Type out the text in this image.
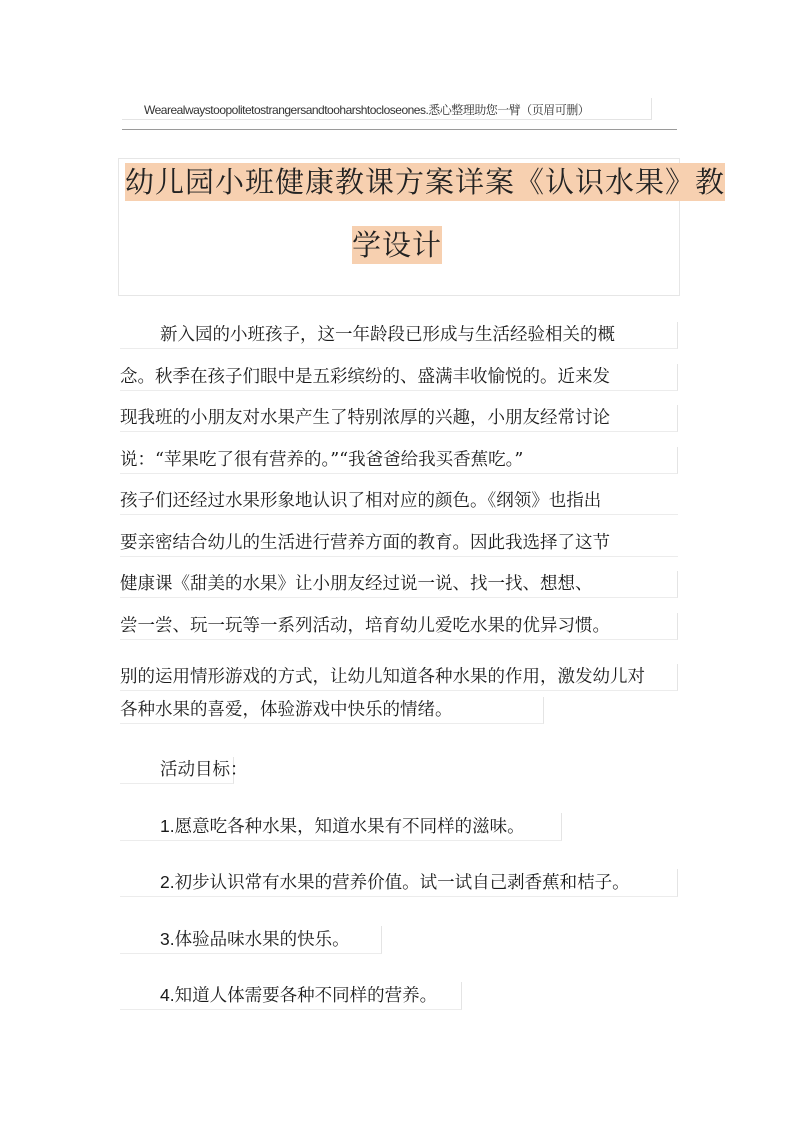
Wearealwaystoopolitetostrangersandtooharshtocloseones.悉心整理助您一臂（页眉可删）
幼儿园小班健康教课方案详案《认识水果》教
学设计
新入园的小班孩子，这一年龄段已形成与生活经验相关的概
念。秋季在孩子们眼中是五彩缤纷的、盛满丰收愉悦的。近来发
现我班的小朋友对水果产生了特别浓厚的兴趣，小朋友经常讨论
说：“苹果吃了很有营养的。”“我爸爸给我买香蕉吃。”
孩子们还经过水果形象地认识了相对应的颜色。《纲领》也指出
要亲密结合幼儿的生活进行营养方面的教育。因此我选择了这节
健康课《甜美的水果》让小朋友经过说一说、找一找、想想、
尝一尝、玩一玩等一系列活动，培育幼儿爱吃水果的优异习惯。
别的运用情形游戏的方式，让幼儿知道各种水果的作用，激发幼儿对
各种水果的喜爱，体验游戏中快乐的情绪。
活动目标：
1.愿意吃各种水果，知道水果有不同样的滋味。
2.初步认识常有水果的营养价值。试一试自己剥香蕉和桔子。
3.体验品味水果的快乐。
4.知道人体需要各种不同样的营养。
